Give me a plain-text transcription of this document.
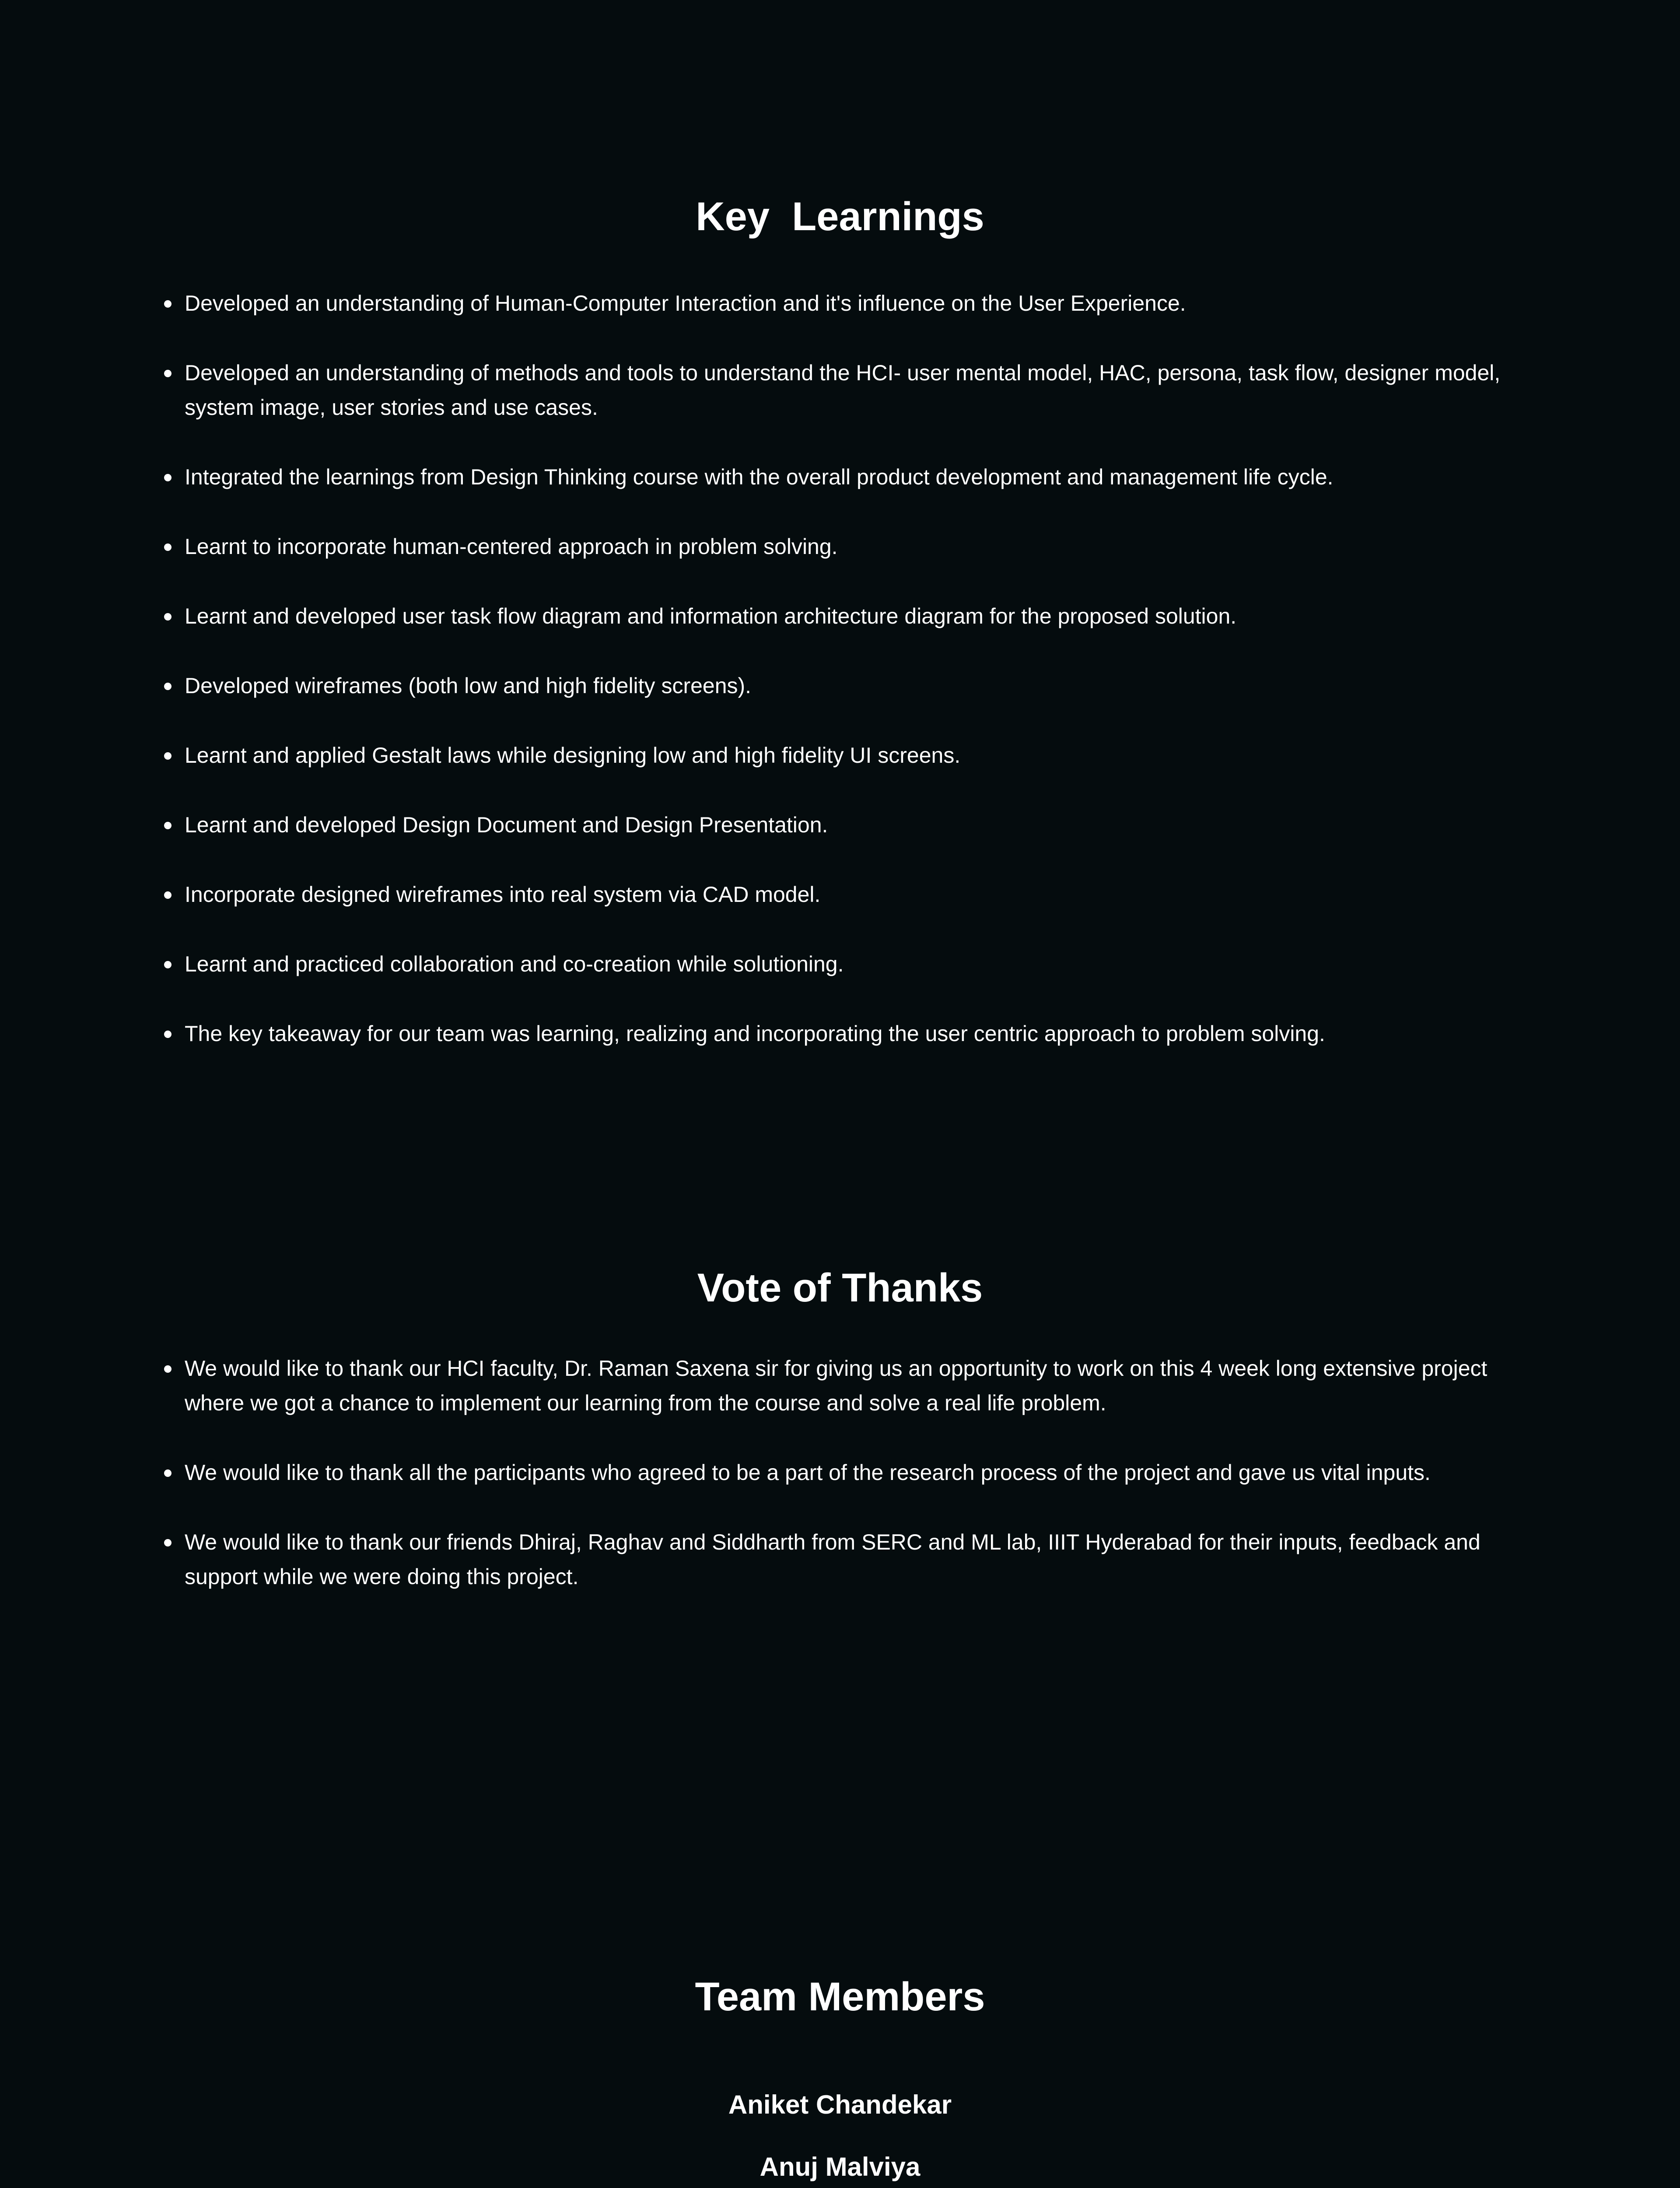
Key  Learnings
Developed an understanding of Human-Computer Interaction and it's influence on the User Experience.
Developed an understanding of methods and tools to understand the HCI- user mental model, HAC, persona, task flow, designer model, system image, user stories and use cases.
Integrated the learnings from Design Thinking course with the overall product development and management life cycle.
Learnt to incorporate human-centered approach in problem solving.
Learnt and developed user task flow diagram and information architecture diagram for the proposed solution.
Developed wireframes (both low and high fidelity screens).
Learnt and applied Gestalt laws while designing low and high fidelity UI screens.
Learnt and developed Design Document and Design Presentation.
Incorporate designed wireframes into real system via CAD model.
Learnt and practiced collaboration and co-creation while solutioning.
The key takeaway for our team was learning, realizing and incorporating the user centric approach to problem solving.
Vote of Thanks
We would like to thank our HCI faculty, Dr. Raman Saxena sir for giving us an opportunity to work on this 4 week long extensive project where we got a chance to implement our learning from the course and solve a real life problem.
We would like to thank all the participants who agreed to be a part of the research process of the project and gave us vital inputs.
We would like to thank our friends Dhiraj, Raghav and Siddharth from SERC and ML lab, IIIT Hyderabad for their inputs, feedback and support while we were doing this project.
Team Members
Aniket Chandekar
Anuj Malviya
